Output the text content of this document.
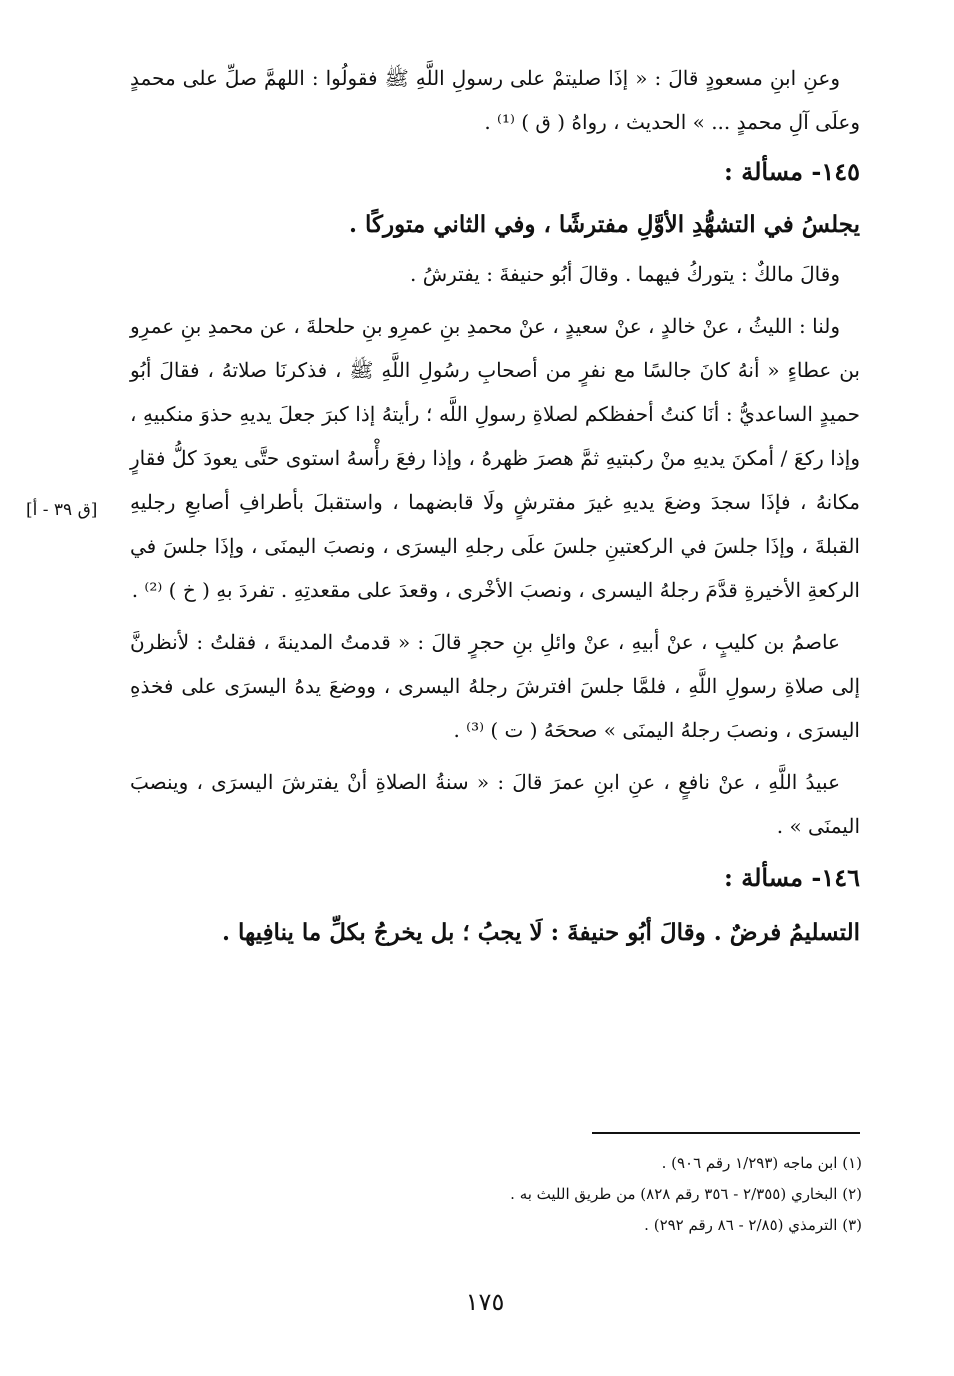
وعنِ ابنِ مسعودٍ قالَ : « إذَا صليتمْ على رسولِ اللَّهِ ﷺ فقولُوا : اللهمَّ صلِّ على محمدٍ وعلَى آلِ محمدٍ ... » الحديث ، رواهُ ( ق ) ⁽¹⁾ .

١٤٥- مسألة :

يجلسُ في التشهُّدِ الأوَّلِ مفترشًا ، وفي الثاني متوركًا .

وقالَ مالكٌ : يتوركُ فيهما . وقالَ أبُو حنيفةَ : يفترشُ .

ولنا : الليثُ ، عنْ خالدٍ ، عنْ سعيدٍ ، عنْ محمدِ بنِ عمرِو بنِ حلحلةَ ، عن محمدِ بنِ عمرِو بن عطاءٍ « أنهُ كانَ جالسًا مع نفرٍ من أصحابِ رسُولِ اللَّهِ ﷺ ، فذكرنَا صلاتهُ ، فقالَ أبُو حميدٍ الساعديُّ : أنَا كنتُ أحفظكم لصلاةِ رسولِ اللَّه ؛ رأيتهُ إذا كبرَ جعلَ يديهِ حذوَ منكبيهِ ، وإذا ركعَ / أمكنَ يديهِ منْ ركبتيهِ ثمَّ هصرَ ظهرهُ ، وإذا رفعَ رأْسهُ استوى حتَّى يعودَ كلُّ فقارٍ مكانهُ ، فإذَا سجدَ وضعَ يديهِ غيرَ مفترشٍ ولَا قابضهما ، واستقبلَ بأطرافِ أصابعِ رجليهِ القبلةَ ، وإذَا جلسَ في الركعتينِ جلسَ علَى رجلهِ اليسرَى ، ونصبَ اليمنَى ، وإذَا جلسَ في الركعةِ الأخيرةِ قدَّمَ رجلهُ اليسرى ، ونصبَ الأخْرى ، وقعدَ على مقعدتِهِ . تفردَ بهِ ( خ ) ⁽²⁾ .

عاصمُ بن كليبٍ ، عنْ أبيهِ ، عنْ وائلِ بنِ حجرٍ قالَ : « قدمتُ المدينةَ ، فقلتُ : لأنظرنَّ إلى صلاةِ رسولِ اللَّهِ ، فلمَّا جلسَ افترشَ رجلهُ اليسرى ، ووضعَ يدهُ اليسرَى على فخذهِ اليسرَى ، ونصبَ رجلهُ اليمنَى » صححَهُ ( ت ) ⁽³⁾ .

عبيدُ اللَّهِ ، عنْ نافعٍ ، عنِ ابنِ عمرَ قالَ : « سنةُ الصلاةِ أنْ يفترشَ اليسرَى ، وينصبَ اليمنَى » .

١٤٦- مسألة :

التسليمُ فرضٌ . وقالَ أبُو حنيفةَ : لَا يجبُ ؛ بل يخرجُ بكلِّ ما ينافِيها .

[ق ٣٩ - أ]

(١) ابن ماجه (١/٢٩٣ رقم ٩٠٦) .

(٢) البخاري (٢/٣٥٥ - ٣٥٦ رقم ٨٢٨) من طريق الليث به .

(٣) الترمذي (٢/٨٥ - ٨٦ رقم ٢٩٢) .

١٧٥
